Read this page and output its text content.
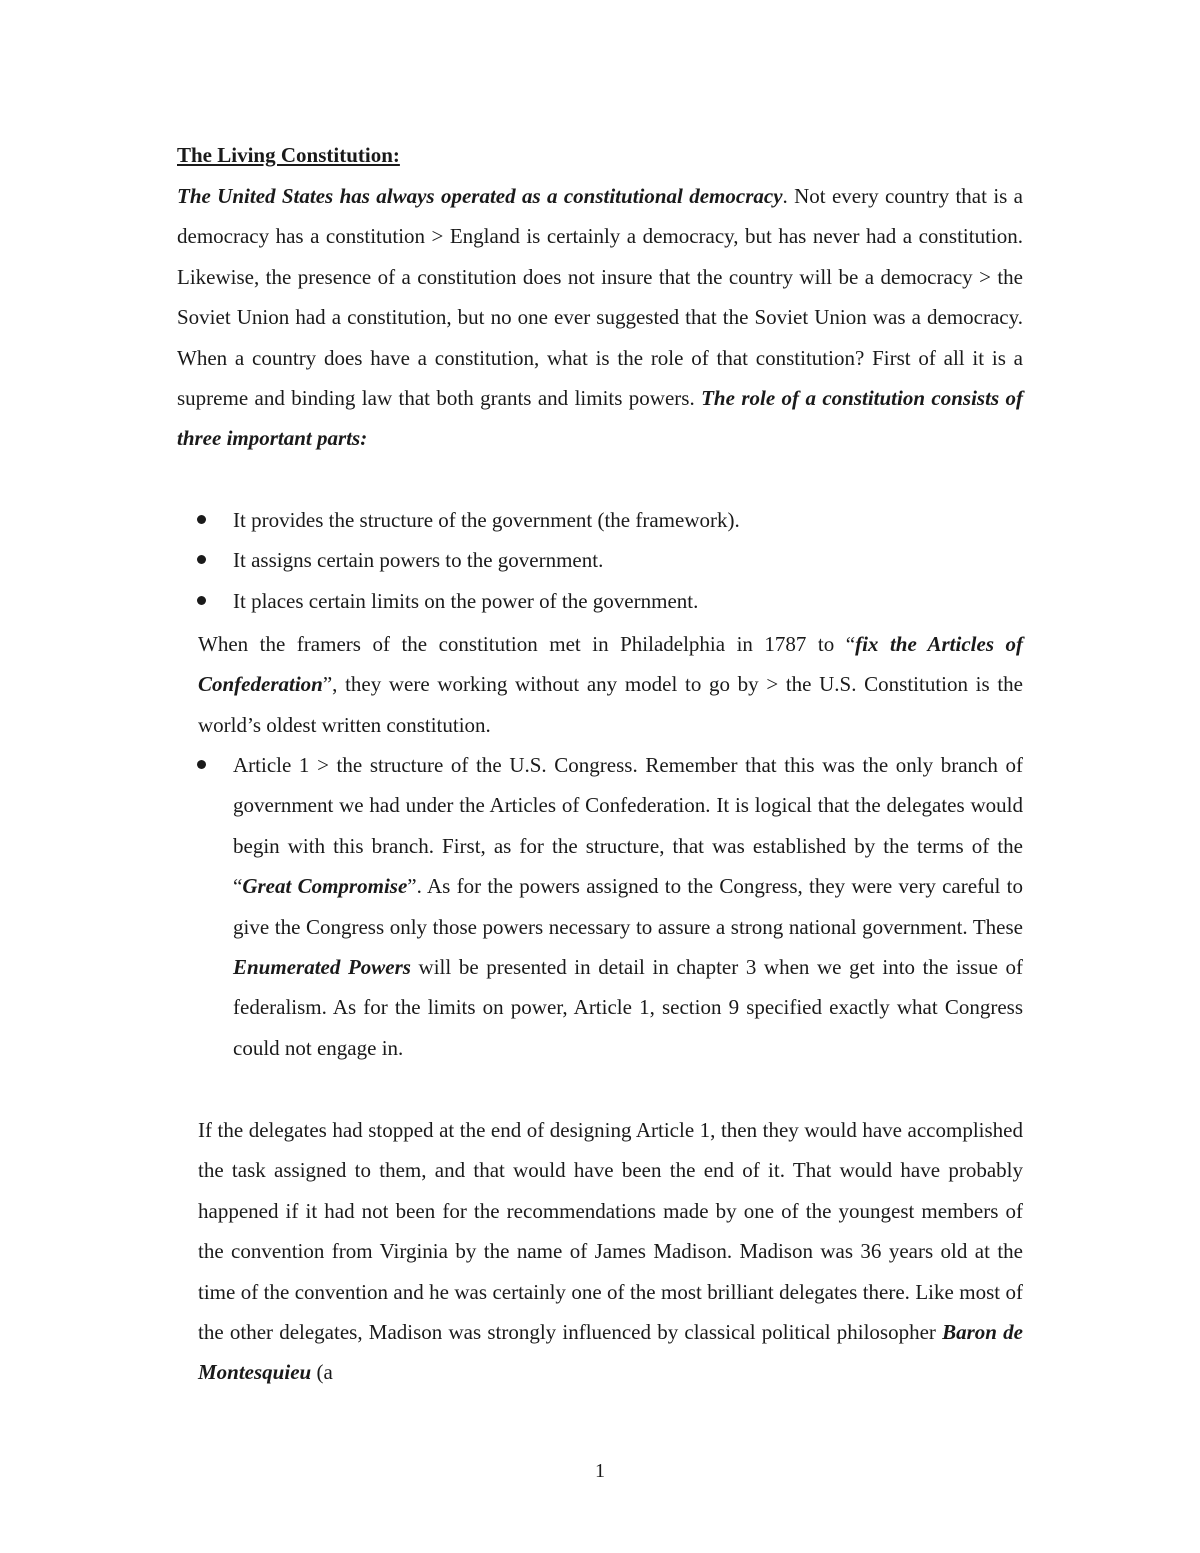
The Living Constitution:

The United States has always operated as a constitutional democracy. Not every country that is a democracy has a constitution > England is certainly a democracy, but has never had a constitution. Likewise, the presence of a constitution does not insure that the country will be a democracy > the Soviet Union had a constitution, but no one ever suggested that the Soviet Union was a democracy. When a country does have a constitution, what is the role of that constitution? First of all it is a supreme and binding law that both grants and limits powers. The role of a constitution consists of three important parts:

It provides the structure of the government (the framework).
It assigns certain powers to the government.
It places certain limits on the power of the government.

When the framers of the constitution met in Philadelphia in 1787 to “fix the Articles of Confederation”, they were working without any model to go by > the U.S. Constitution is the world’s oldest written constitution.

Article 1 > the structure of the U.S. Congress. Remember that this was the only branch of government we had under the Articles of Confederation. It is logical that the delegates would begin with this branch. First, as for the structure, that was established by the terms of the “Great Compromise”. As for the powers assigned to the Congress, they were very careful to give the Congress only those powers necessary to assure a strong national government. These Enumerated Powers will be presented in detail in chapter 3 when we get into the issue of federalism. As for the limits on power, Article 1, section 9 specified exactly what Congress could not engage in.

If the delegates had stopped at the end of designing Article 1, then they would have accomplished the task assigned to them, and that would have been the end of it. That would have probably happened if it had not been for the recommendations made by one of the youngest members of the convention from Virginia by the name of James Madison. Madison was 36 years old at the time of the convention and he was certainly one of the most brilliant delegates there. Like most of the other delegates, Madison was strongly influenced by classical political philosopher Baron de Montesquieu (a

1
